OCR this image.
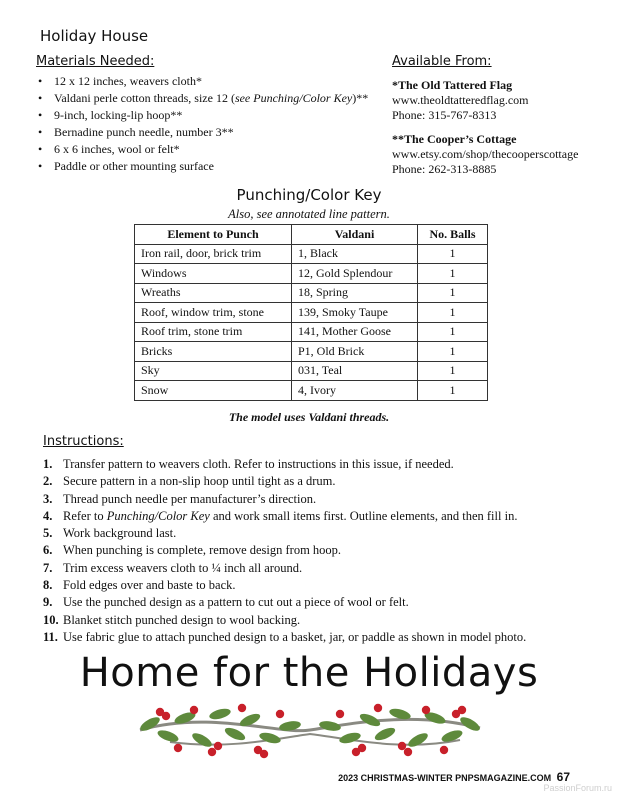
Holiday House
Materials Needed:
• 12 x 12 inches, weavers cloth*
• Valdani perle cotton threads, size 12 (see Punching/Color Key)**
• 9-inch, locking-lip hoop**
• Bernadine punch needle, number 3**
• 6 x 6 inches, wool or felt*
• Paddle or other mounting surface
Available From:
*The Old Tattered Flag
www.theoldtatteredflag.com
Phone: 315-767-8313
**The Cooper’s Cottage
www.etsy.com/shop/thecooperscottage
Phone: 262-313-8885
Punching/Color Key
Also, see annotated line pattern.
Element to Punch	Valdani	No. Balls
Iron rail, door, brick trim	1, Black	1
Windows	12, Gold Splendour	1
Wreaths	18, Spring	1
Roof, window trim, stone	139, Smoky Taupe	1
Roof trim, stone trim	141, Mother Goose	1
Bricks	P1, Old Brick	1
Sky	031, Teal	1
Snow	4, Ivory	1
The model uses Valdani threads.
Instructions:
1. Transfer pattern to weavers cloth. Refer to instructions in this issue, if needed.
2. Secure pattern in a non-slip hoop until tight as a drum.
3. Thread punch needle per manufacturer’s direction.
4. Refer to Punching/Color Key and work small items first. Outline elements, and then fill in.
5. Work background last.
6. When punching is complete, remove design from hoop.
7. Trim excess weavers cloth to ¼ inch all around.
8. Fold edges over and baste to back.
9. Use the punched design as a pattern to cut out a piece of wool or felt.
10. Blanket stitch punched design to wool backing.
11. Use fabric glue to attach punched design to a basket, jar, or paddle as shown in model photo.
Home for the Holidays
2023 CHRISTMAS-WINTER PNPSMAGAZINE.COM 67
PassionForum.ru
